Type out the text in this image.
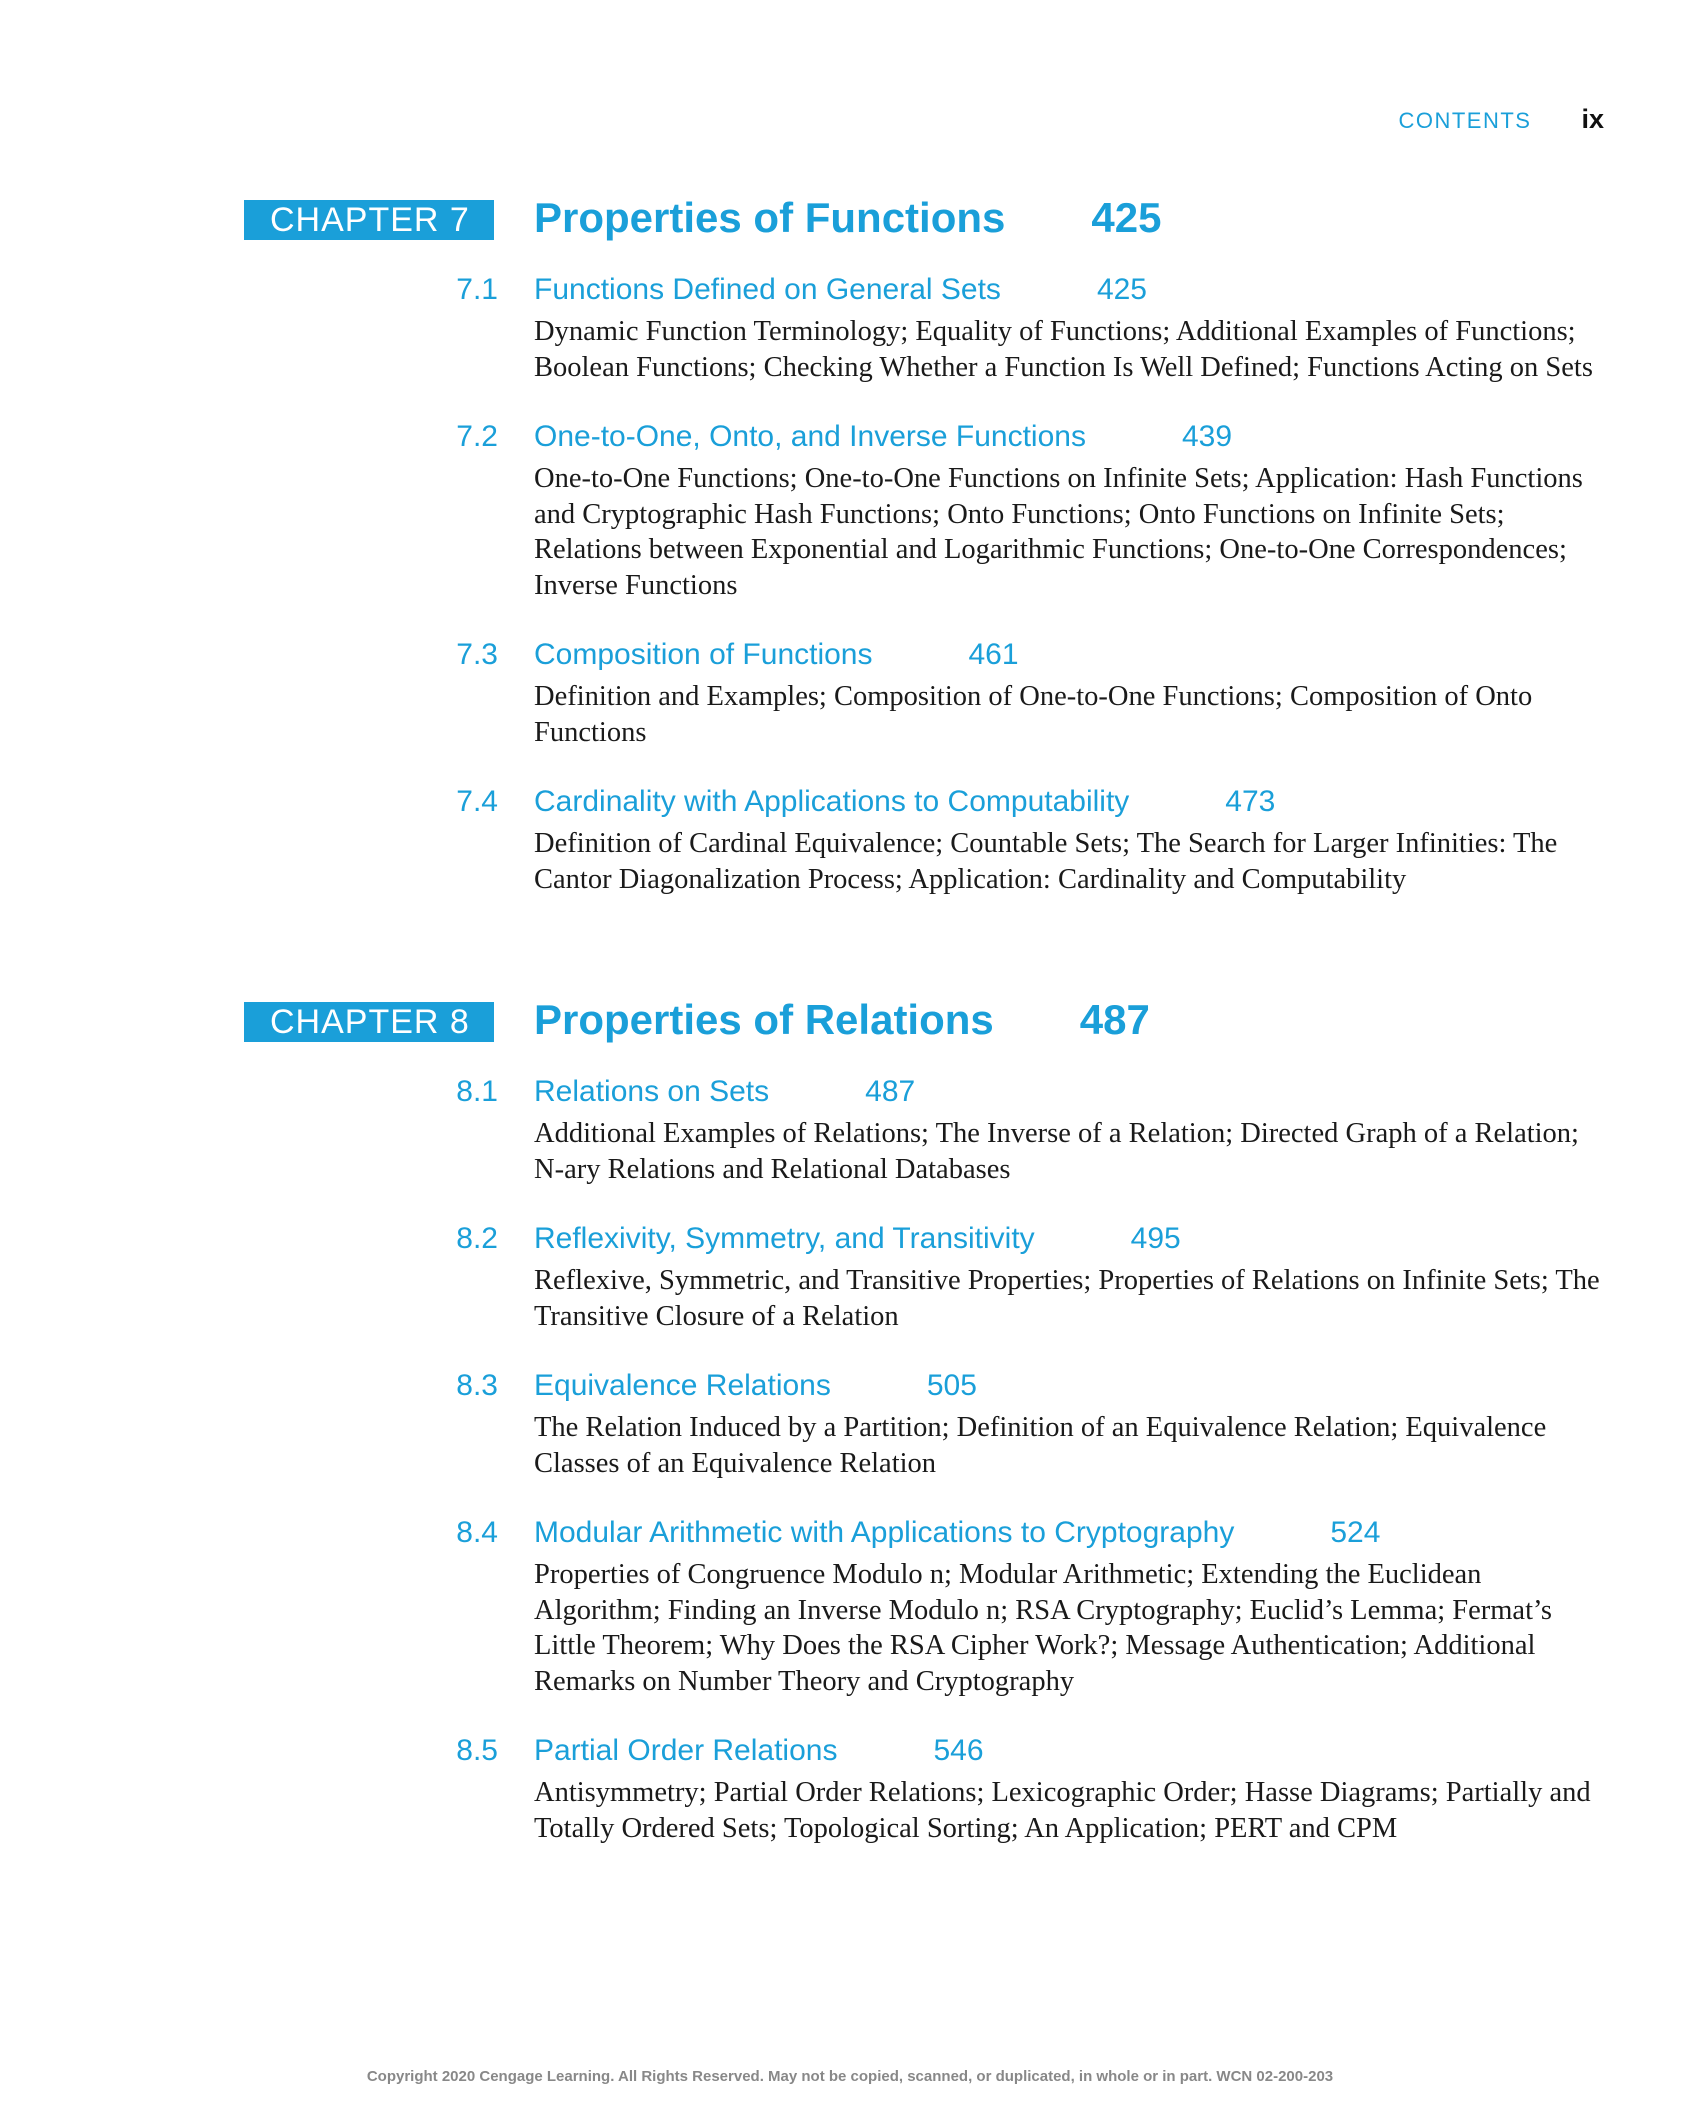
CONTENTS ix
CHAPTER 7	Properties of Functions 425
7.1 Functions Defined on General Sets	425
Dynamic Function Terminology; Equality of Functions; Additional Examples of Functions; Boolean Functions; Checking Whether a Function Is Well Defined; Functions Acting on Sets
7.2 One-to-One, Onto, and Inverse Functions	439
One-to-One Functions; One-to-One Functions on Infinite Sets; Application: Hash Functions and Cryptographic Hash Functions; Onto Functions; Onto Functions on Infinite Sets; Relations between Exponential and Logarithmic Functions; One-to-One Correspondences; Inverse Functions
7.3 Composition of Functions	461
Definition and Examples; Composition of One-to-One Functions; Composition of Onto Functions
7.4 Cardinality with Applications to Computability	473
Definition of Cardinal Equivalence; Countable Sets; The Search for Larger Infinities: The Cantor Diagonalization Process; Application: Cardinality and Computability
CHAPTER 8	Properties of Relations 487
8.1 Relations on Sets	487
Additional Examples of Relations; The Inverse of a Relation; Directed Graph of a Relation; N-ary Relations and Relational Databases
8.2 Reflexivity, Symmetry, and Transitivity	495
Reflexive, Symmetric, and Transitive Properties; Properties of Relations on Infinite Sets; The Transitive Closure of a Relation
8.3 Equivalence Relations	505
The Relation Induced by a Partition; Definition of an Equivalence Relation; Equivalence Classes of an Equivalence Relation
8.4 Modular Arithmetic with Applications to Cryptography	524
Properties of Congruence Modulo n; Modular Arithmetic; Extending the Euclidean Algorithm; Finding an Inverse Modulo n; RSA Cryptography; Euclid’s Lemma; Fermat’s Little Theorem; Why Does the RSA Cipher Work?; Message Authentication; Additional Remarks on Number Theory and Cryptography
8.5 Partial Order Relations	546
Antisymmetry; Partial Order Relations; Lexicographic Order; Hasse Diagrams; Partially and Totally Ordered Sets; Topological Sorting; An Application; PERT and CPM
Copyright 2020 Cengage Learning. All Rights Reserved. May not be copied, scanned, or duplicated, in whole or in part. WCN 02-200-203
